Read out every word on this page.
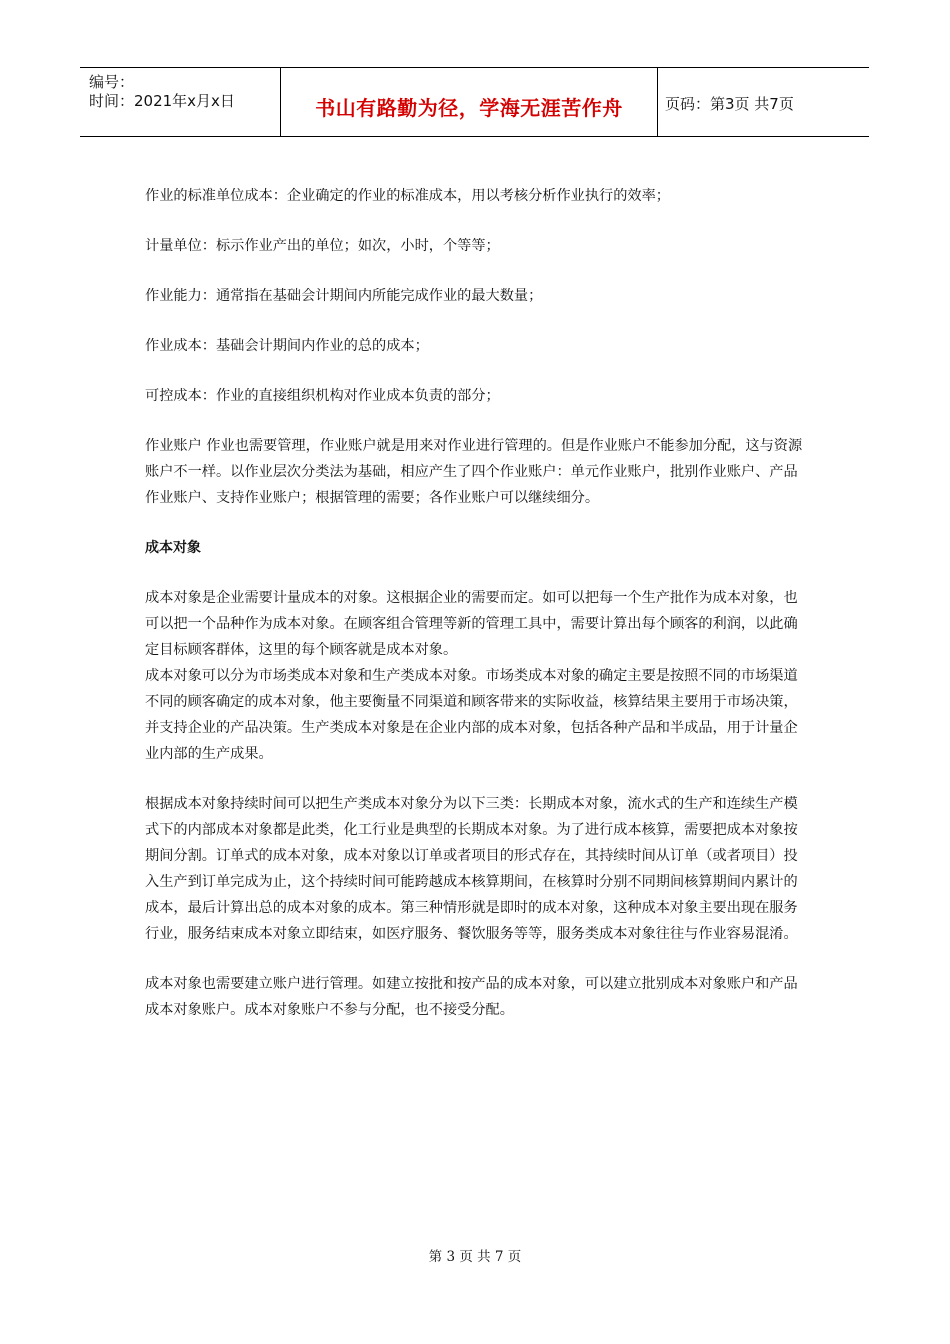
编号：
时间：2021年x月x日	书山有路勤为径，学海无涯苦作舟	页码：第3页 共7页

作业的标准单位成本：企业确定的作业的标准成本，用以考核分析作业执行的效率；

计量单位：标示作业产出的单位；如次，小时，个等等；

作业能力：通常指在基础会计期间内所能完成作业的最大数量；

作业成本：基础会计期间内作业的总的成本；

可控成本：作业的直接组织机构对作业成本负责的部分；

作业账户 作业也需要管理，作业账户就是用来对作业进行管理的。但是作业账户不能参加分配，这与资源账户不一样。以作业层次分类法为基础，相应产生了四个作业账户：单元作业账户，批别作业账户、产品作业账户、支持作业账户；根据管理的需要；各作业账户可以继续细分。

成本对象

成本对象是企业需要计量成本的对象。这根据企业的需要而定。如可以把每一个生产批作为成本对象，也可以把一个品种作为成本对象。在顾客组合管理等新的管理工具中，需要计算出每个顾客的利润，以此确定目标顾客群体，这里的每个顾客就是成本对象。

成本对象可以分为市场类成本对象和生产类成本对象。市场类成本对象的确定主要是按照不同的市场渠道不同的顾客确定的成本对象，他主要衡量不同渠道和顾客带来的实际收益，核算结果主要用于市场决策，并支持企业的产品决策。生产类成本对象是在企业内部的成本对象，包括各种产品和半成品，用于计量企业内部的生产成果。

根据成本对象持续时间可以把生产类成本对象分为以下三类：长期成本对象，流水式的生产和连续生产模式下的内部成本对象都是此类，化工行业是典型的长期成本对象。为了进行成本核算，需要把成本对象按期间分割。订单式的成本对象，成本对象以订单或者项目的形式存在，其持续时间从订单（或者项目）投入生产到订单完成为止，这个持续时间可能跨越成本核算期间，在核算时分别不同期间核算期间内累计的成本，最后计算出总的成本对象的成本。第三种情形就是即时的成本对象，这种成本对象主要出现在服务行业，服务结束成本对象立即结束，如医疗服务、餐饮服务等等，服务类成本对象往往与作业容易混淆。

成本对象也需要建立账户进行管理。如建立按批和按产品的成本对象，可以建立批别成本对象账户和产品成本对象账户。成本对象账户不参与分配，也不接受分配。

第 3 页 共 7 页
